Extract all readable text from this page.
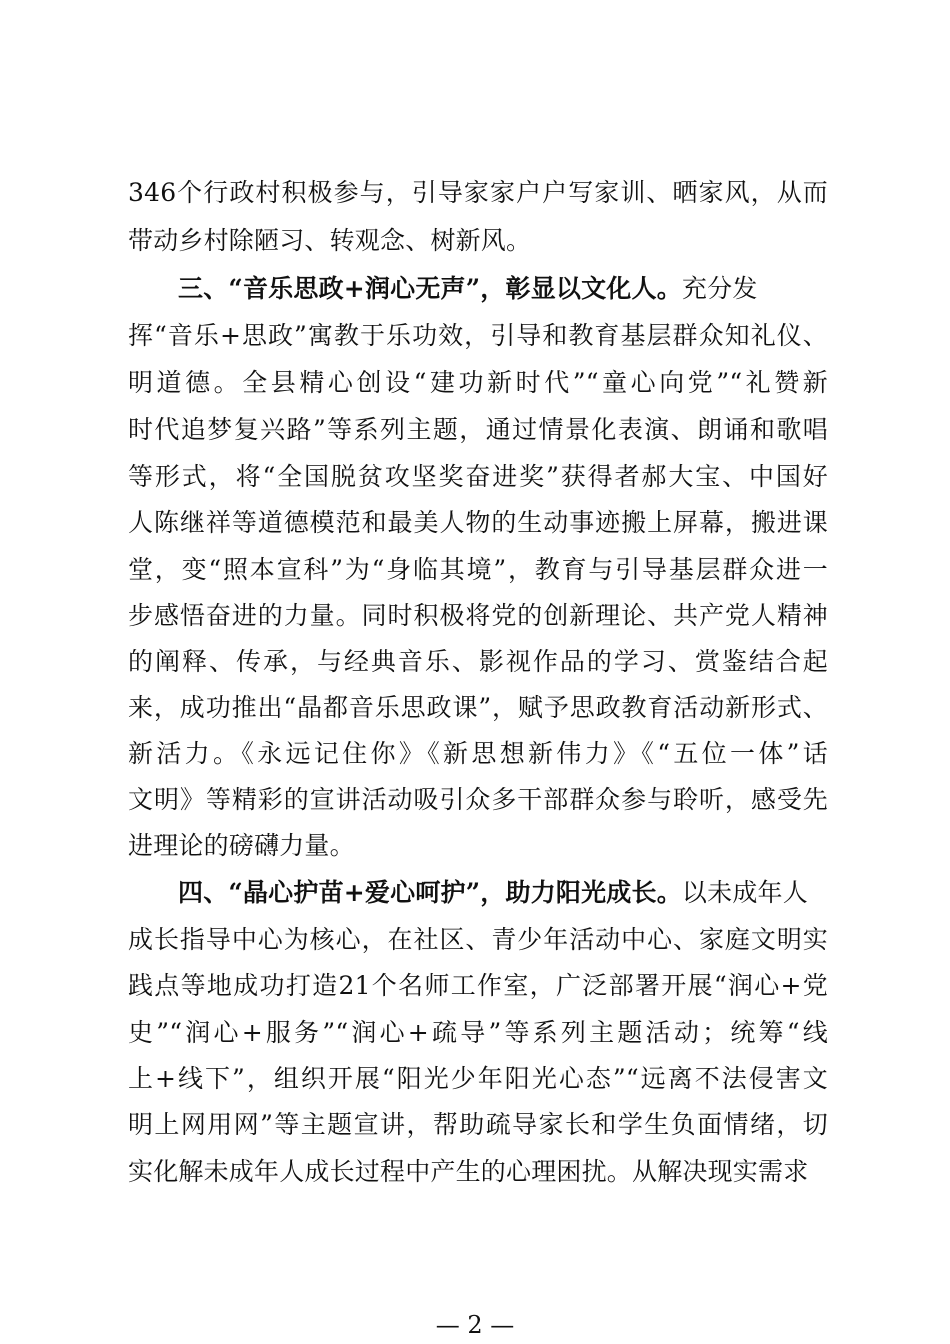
346个行政村积极参与，引导家家户户写家训、晒家风，从而
带动乡村除陋习、转观念、树新风。
三、“音乐思政+润心无声”，彰显以文化人。充分发
挥“音乐+思政”寓教于乐功效，引导和教育基层群众知礼仪、
明道德。全县精心创设“建功新时代”“童心向党”“礼赞新
时代追梦复兴路”等系列主题，通过情景化表演、朗诵和歌唱
等形式，将“全国脱贫攻坚奖奋进奖”获得者郝大宝、中国好
人陈继祥等道德模范和最美人物的生动事迹搬上屏幕，搬进课
堂，变“照本宣科”为“身临其境”，教育与引导基层群众进一
步感悟奋进的力量。同时积极将党的创新理论、共产党人精神
的阐释、传承，与经典音乐、影视作品的学习、赏鉴结合起
来，成功推出“晶都音乐思政课”，赋予思政教育活动新形式、
新活力。《永远记住你》《新思想新伟力》《“五位一体”话
文明》等精彩的宣讲活动吸引众多干部群众参与聆听，感受先
进理论的磅礴力量。
四、“晶心护苗+爱心呵护”，助力阳光成长。以未成年人
成长指导中心为核心，在社区、青少年活动中心、家庭文明实
践点等地成功打造21个名师工作室，广泛部署开展“润心+党
史”“润心+服务”“润心+疏导”等系列主题活动；统筹“线
上+线下”，组织开展“阳光少年阳光心态”“远离不法侵害文
明上网用网”等主题宣讲，帮助疏导家长和学生负面情绪，切
实化解未成年人成长过程中产生的心理困扰。从解决现实需求
— 2 —
